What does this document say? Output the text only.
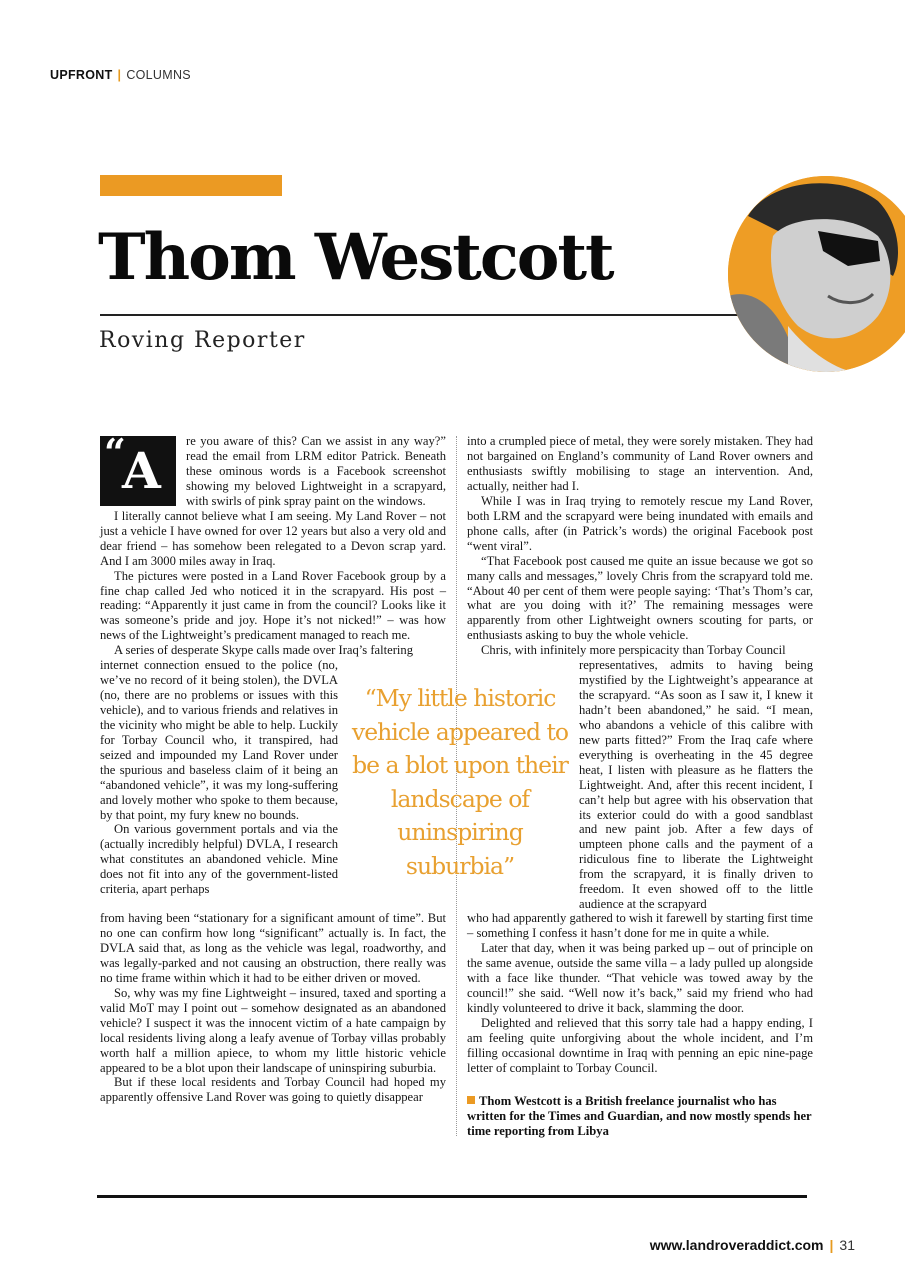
UPFRONT | COLUMNS
Thom Westcott
Roving Reporter
“
A	re you aware of this? Can we assist in any way?” read the email from LRM editor Patrick. Beneath these ominous words is a Facebook screenshot showing my beloved Lightweight in a scrapyard, with swirls of pink spray paint on the windows.

I literally cannot believe what I am seeing. My Land Rover – not just a vehicle I have owned for over 12 years but also a very old and dear friend – has somehow been relegated to a Devon scrap yard. And I am 3000 miles away in Iraq.

The pictures were posted in a Land Rover Facebook group by a fine chap called Jed who noticed it in the scrapyard. His post – reading: “Apparently it just came in from the council? Looks like it was someone’s pride and joy. Hope it’s not nicked!” – was how news of the Lightweight’s predicament managed to reach me.

A series of desperate Skype calls made over Iraq’s faltering

internet connection ensued to the police (no, we’ve no record of it being stolen), the DVLA (no, there are no problems or issues with this vehicle), and to various friends and relatives in the vicinity who might be able to help. Luckily for Torbay Council who, it transpired, had seized and impounded my Land Rover under the spurious and baseless claim of it being an “abandoned vehicle”, it was my long-suffering and lovely mother who spoke to them because, by that point, my fury knew no bounds.

On various government portals and via the (actually incredibly helpful) DVLA, I research what constitutes an abandoned vehicle. Mine does not fit into any of the government-listed criteria, apart perhaps

from having been “stationary for a significant amount of time”. But no one can confirm how long “significant” actually is. In fact, the DVLA said that, as long as the vehicle was legal, roadworthy, and was legally-parked and not causing an obstruction, there really was no time frame within which it had to be either driven or moved.

So, why was my fine Lightweight – insured, taxed and sporting a valid MoT may I point out – somehow designated as an abandoned vehicle? I suspect it was the innocent victim of a hate campaign by local residents living along a leafy avenue of Torbay villas probably worth half a million apiece, to whom my little historic vehicle appeared to be a blot upon their landscape of uninspiring suburbia.

But if these local residents and Torbay Council had hoped my apparently offensive Land Rover was going to quietly disappear

“My little historic vehicle appeared to be a blot upon their landscape of uninspiring suburbia”

into a crumpled piece of metal, they were sorely mistaken. They had not bargained on England’s community of Land Rover owners and enthusiasts swiftly mobilising to stage an intervention. And, actually, neither had I.

While I was in Iraq trying to remotely rescue my Land Rover, both LRM and the scrapyard were being inundated with emails and phone calls, after (in Patrick’s words) the original Facebook post “went viral”.

“That Facebook post caused me quite an issue because we got so many calls and messages,” lovely Chris from the scrapyard told me. “About 40 per cent of them were people saying: ‘That’s Thom’s car, what are you doing with it?’ The remaining messages were apparently from other Lightweight owners scouting for parts, or enthusiasts asking to buy the whole vehicle.

Chris, with infinitely more perspicacity than Torbay Council

representatives, admits to having being mystified by the Lightweight’s appearance at the scrapyard. “As soon as I saw it, I knew it hadn’t been abandoned,” he said. “I mean, who abandons a vehicle of this calibre with new parts fitted?” From the Iraq cafe where everything is overheating in the 45 degree heat, I listen with pleasure as he flatters the Lightweight. And, after this recent incident, I can’t help but agree with his observation that its exterior could do with a good sandblast and new paint job. After a few days of umpteen phone calls and the payment of a ridiculous fine to liberate the Lightweight from the scrapyard, it is finally driven to freedom. It even showed off to the little audience at the scrapyard

who had apparently gathered to wish it farewell by starting first time – something I confess it hasn’t done for me in quite a while.

Later that day, when it was being parked up – out of principle on the same avenue, outside the same villa – a lady pulled up alongside with a face like thunder. “That vehicle was towed away by the council!” she said. “Well now it’s back,” said my friend who had kindly volunteered to drive it back, slamming the door.

Delighted and relieved that this sorry tale had a happy ending, I am feeling quite unforgiving about the whole incident, and I’m filling occasional downtime in Iraq with penning an epic nine-page letter of complaint to Torbay Council.

Thom Westcott is a British freelance journalist who has written for the Times and Guardian, and now mostly spends her time reporting from Libya
www.landroveraddict.com | 31
